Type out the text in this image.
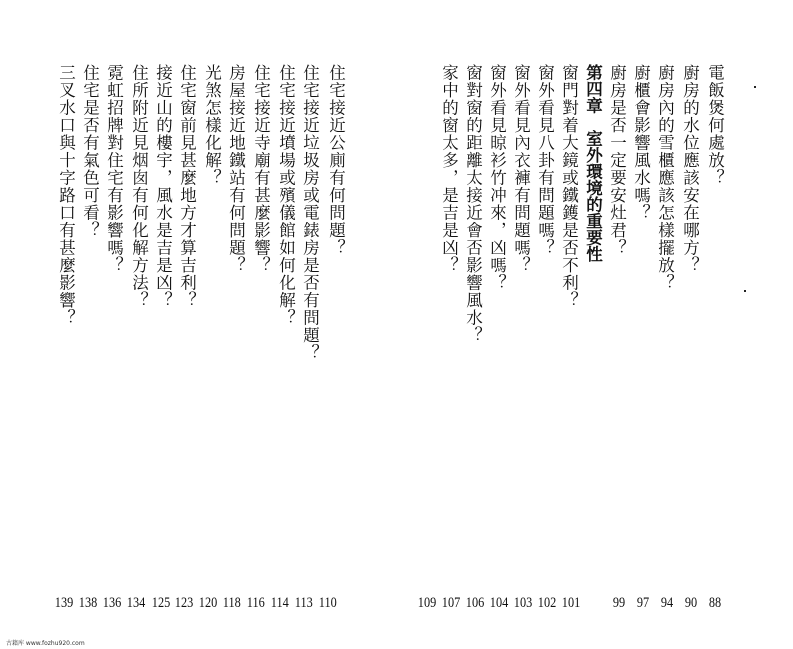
住宅接近公廁有何問題？
住宅接近垃圾房或電錶房是否有問題？
住宅接近墳場或殯儀館如何化解？
住宅接近寺廟有甚麼影響？
房屋接近地鐵站有何問題？
光煞怎樣化解？
住宅窗前見甚麼地方才算吉利？
接近山的樓宇，風水是吉是凶？
住所附近見烟囱有何化解方法？
霓虹招牌對住宅有影響嗎？
住宅是否有氣色可看？
三叉水口與十字路口有甚麼影響？
110
113
114
116
118
120
123
125
134
136
138
139
電飯煲何處放？
廚房的水位應該安在哪方？
廚房內的雪櫃應該怎樣擺放？
廚櫃會影響風水嗎？
廚房是否一定要安灶君？
第四章　室外環境的重要性
窗門對着大鏡或鐵鑊是否不利？
窗外看見八卦有問題嗎？
窗外看見內衣褲有問題嗎？
窗外看見晾衫竹冲來，凶嗎？
窗對窗的距離太接近會否影響風水？
家中的窗太多，是吉是凶？
88
90
94
97
99
101
102
103
104
106
107
109
古籍库 www.fozhu920.com
